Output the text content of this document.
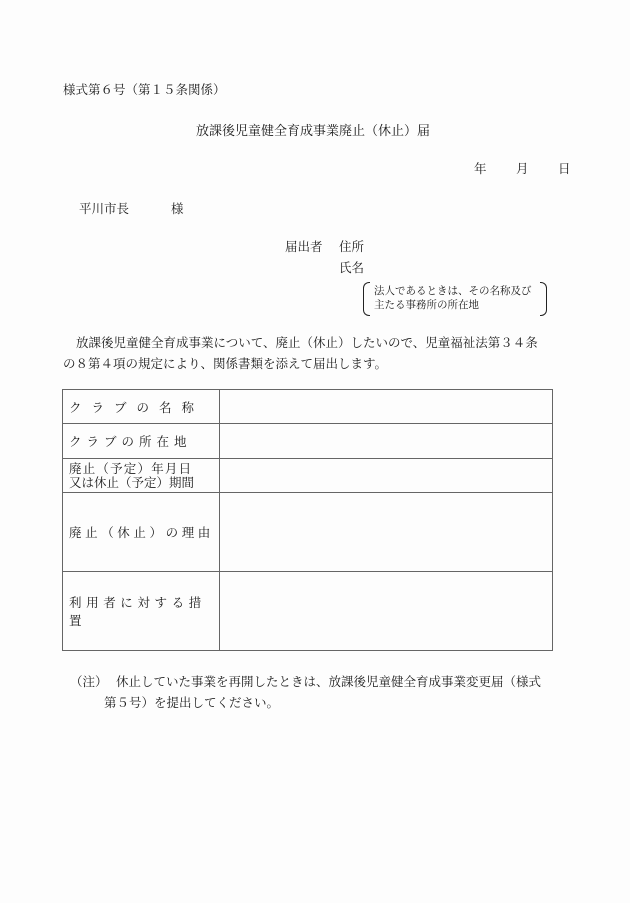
様式第６号（第１５条関係）
放課後児童健全育成事業廃止（休止）届
年 月 日
平川市長	様
届出者 住所
氏名
法人であるときは、その名称及び
主たる事務所の所在地
放課後児童健全育成事業について、廃止（休止）したいので、児童福祉法第３４条
の８第４項の規定により、関係書類を添えて届出します。
クラブの名称	
クラブの所在地	

廃止（予定）年月日
又は休止（予定）期間	

廃止（休止）の理由	
利用者に対する措置	
（注） 休止していた事業を再開したときは、放課後児童健全育成事業変更届（様式
第５号）を提出してください。
